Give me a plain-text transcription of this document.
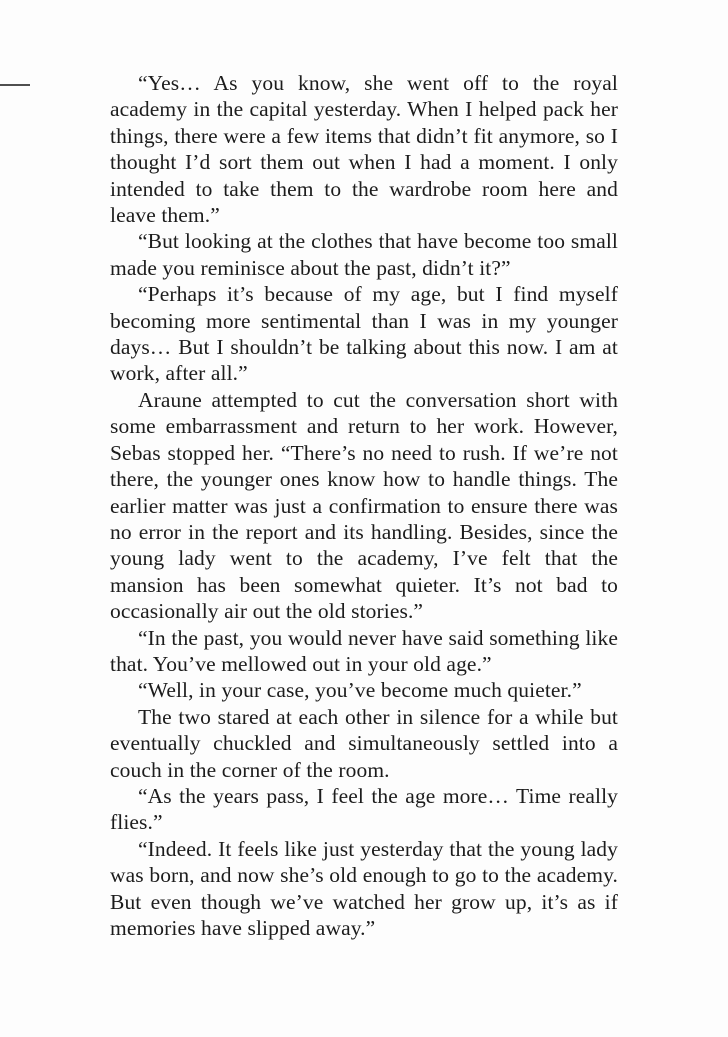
“Yes… As you know, she went off to the royal academy in the capital yesterday. When I helped pack her things, there were a few items that didn’t fit anymore, so I thought I’d sort them out when I had a moment. I only intended to take them to the wardrobe room here and leave them.”

“But looking at the clothes that have become too small made you reminisce about the past, didn’t it?”

“Perhaps it’s because of my age, but I find myself becoming more sentimental than I was in my younger days… But I shouldn’t be talking about this now. I am at work, after all.”

Araune attempted to cut the conversation short with some embarrassment and return to her work. However, Sebas stopped her. “There’s no need to rush. If we’re not there, the younger ones know how to handle things. The earlier matter was just a confirmation to ensure there was no error in the report and its handling. Besides, since the young lady went to the academy, I’ve felt that the mansion has been somewhat quieter. It’s not bad to occasionally air out the old stories.”

“In the past, you would never have said something like that. You’ve mellowed out in your old age.”

“Well, in your case, you’ve become much quieter.”

The two stared at each other in silence for a while but eventually chuckled and simultaneously settled into a couch in the corner of the room.

“As the years pass, I feel the age more… Time really flies.”

“Indeed. It feels like just yesterday that the young lady was born, and now she’s old enough to go to the academy. But even though we’ve watched her grow up, it’s as if memories have slipped away.”
